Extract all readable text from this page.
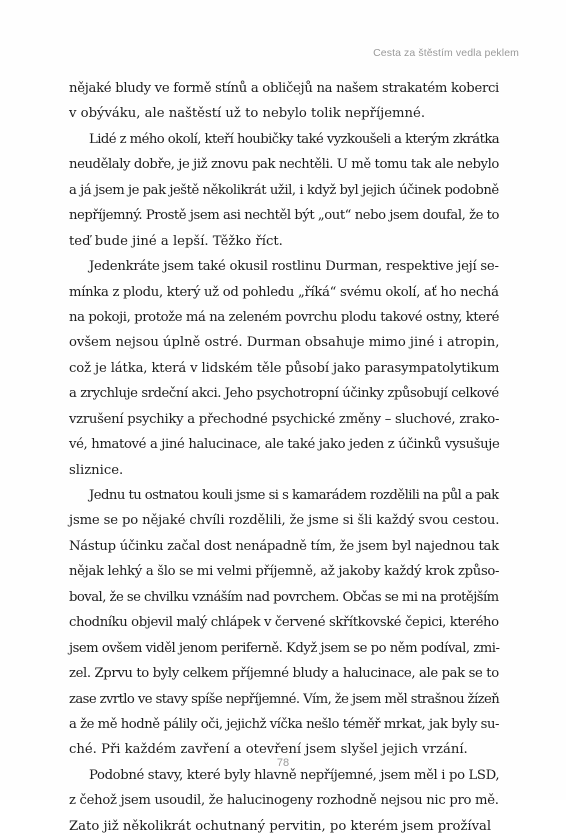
Cesta za štěstím vedla peklem
nějaké bludy ve formě stínů a obličejů na našem strakatém koberci
v obýváku, ale naštěstí už to nebylo tolik nepříjemné.
Lidé z mého okolí, kteří houbičky také vyzkoušeli a kterým zkrátka
neudělaly dobře, je již znovu pak nechtěli. U mě tomu tak ale nebylo
a já jsem je pak ještě několikrát užil, i když byl jejich účinek podobně
nepříjemný. Prostě jsem asi nechtěl být „out“ nebo jsem doufal, že to
teď bude jiné a lepší. Těžko říct.
Jedenkráte jsem také okusil rostlinu Durman, respektive její se-
mínka z plodu, který už od pohledu „říká“ svému okolí, ať ho nechá
na pokoji, protože má na zeleném povrchu plodu takové ostny, které
ovšem nejsou úplně ostré. Durman obsahuje mimo jiné i atropin,
což je látka, která v lidském těle působí jako parasympatolytikum
a zrychluje srdeční akci. Jeho psychotropní účinky způsobují celkové
vzrušení psychiky a přechodné psychické změny – sluchové, zrako-
vé, hmatové a jiné halucinace, ale také jako jeden z účinků vysušuje
sliznice.
Jednu tu ostnatou kouli jsme si s kamarádem rozdělili na půl a pak
jsme se po nějaké chvíli rozdělili, že jsme si šli každý svou cestou.
Nástup účinku začal dost nenápadně tím, že jsem byl najednou tak
nějak lehký a šlo se mi velmi příjemně, až jakoby každý krok způso-
boval, že se chvilku vznáším nad povrchem. Občas se mi na protějším
chodníku objevil malý chlápek v červené skřítkovské čepici, kterého
jsem ovšem viděl jenom periferně. Když jsem se po něm podíval, zmi-
zel. Zprvu to byly celkem příjemné bludy a halucinace, ale pak se to
zase zvrtlo ve stavy spíše nepříjemné. Vím, že jsem měl strašnou žízeň
a že mě hodně pálily oči, jejichž víčka nešlo téměř mrkat, jak byly su-
ché. Při každém zavření a otevření jsem slyšel jejich vrzání.
Podobné stavy, které byly hlavně nepříjemné, jsem měl i po LSD,
z čehož jsem usoudil, že halucinogeny rozhodně nejsou nic pro mě.
Zato již několikrát ochutnaný pervitin, po kterém jsem prožíval
78
